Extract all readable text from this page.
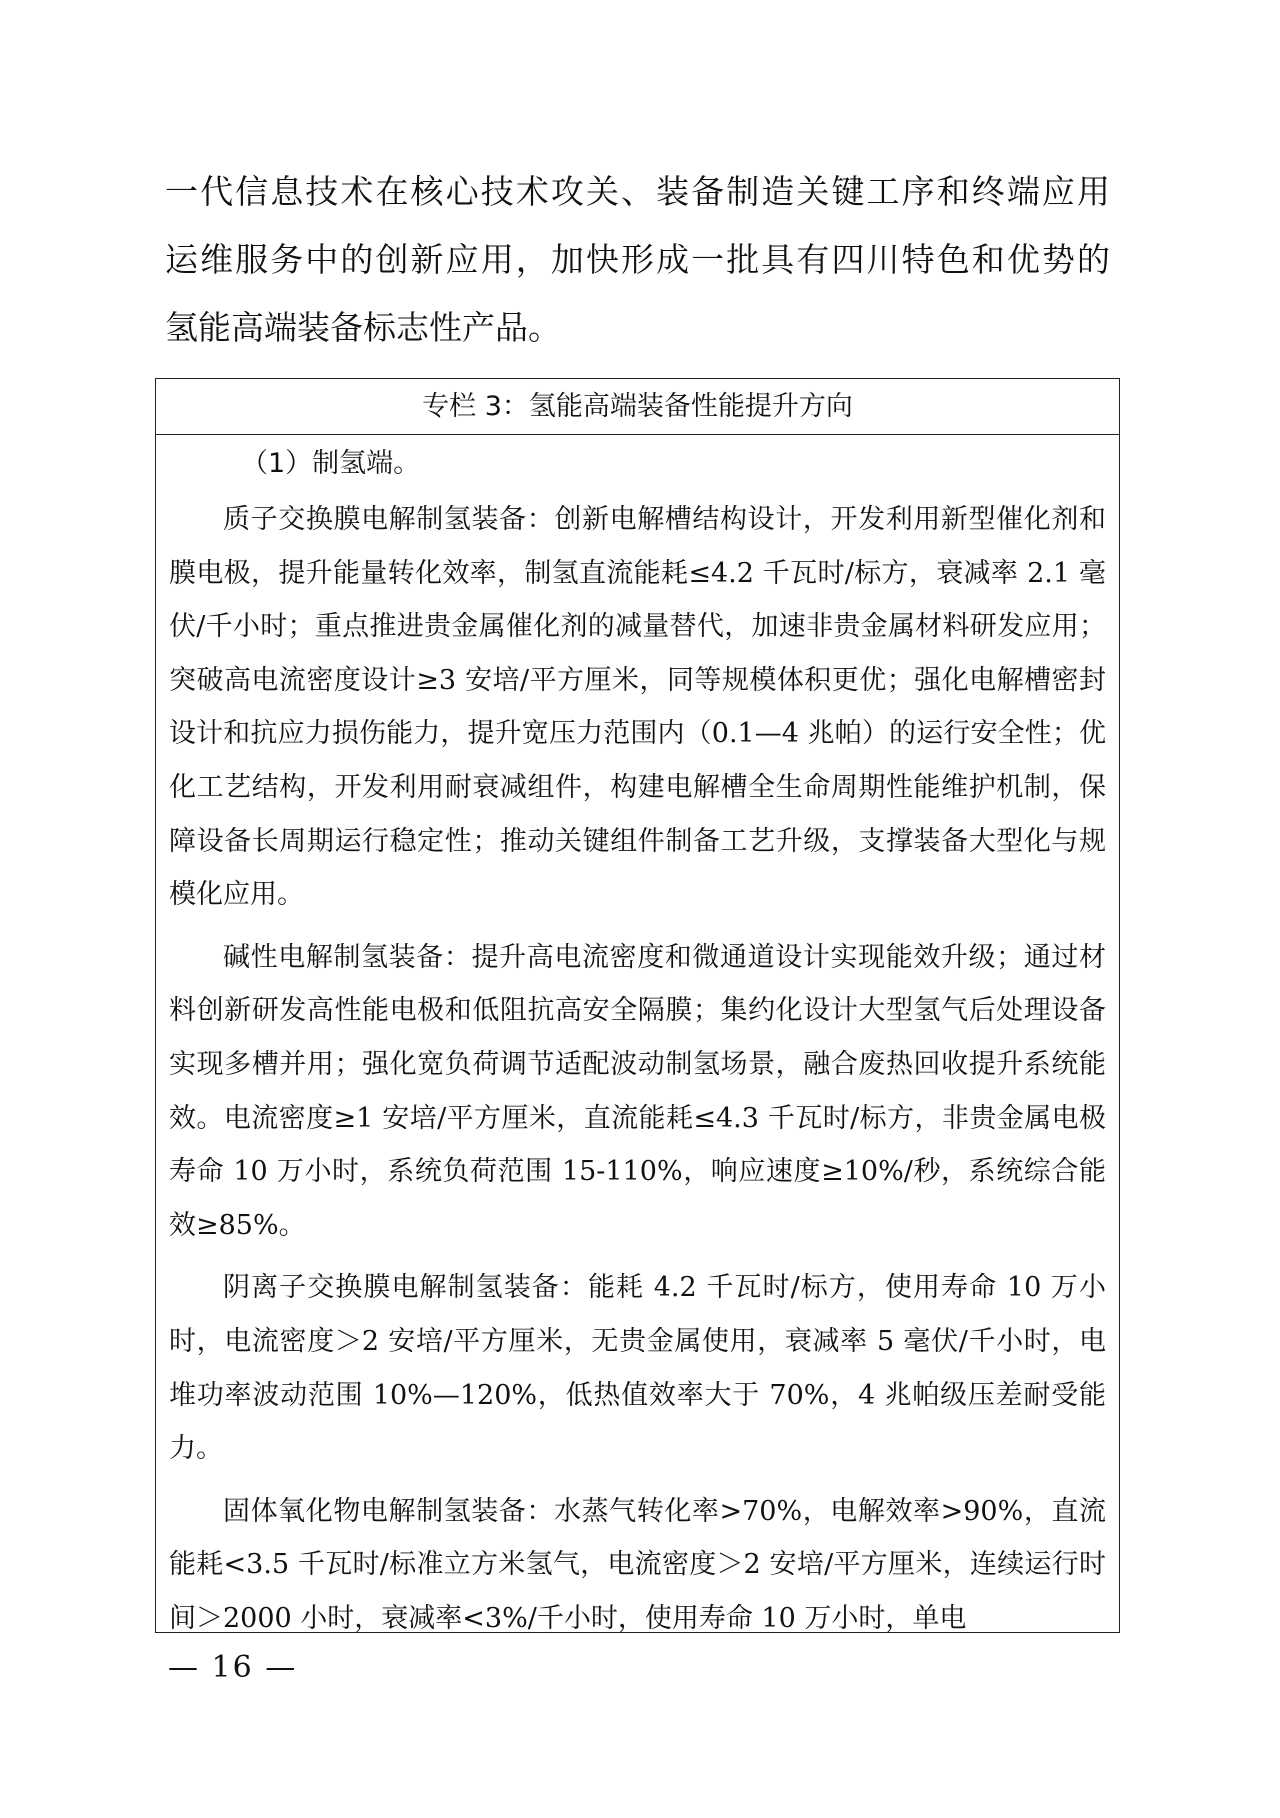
一代信息技术在核心技术攻关、装备制造关键工序和终端应用
运维服务中的创新应用，加快形成一批具有四川特色和优势的
氢能高端装备标志性产品。
专栏 3：氢能高端装备性能提升方向
（1）制氢端。

质子交换膜电解制氢装备：创新电解槽结构设计，开发利用新型催化剂和膜电极，提升能量转化效率，制氢直流能耗≤4.2 千瓦时/标方，衰减率 2.1 毫伏/千小时；重点推进贵金属催化剂的减量替代，加速非贵金属材料研发应用；突破高电流密度设计≥3 安培/平方厘米，同等规模体积更优；强化电解槽密封设计和抗应力损伤能力，提升宽压力范围内（0.1—4 兆帕）的运行安全性；优化工艺结构，开发利用耐衰减组件，构建电解槽全生命周期性能维护机制，保障设备长周期运行稳定性；推动关键组件制备工艺升级，支撑装备大型化与规模化应用。

碱性电解制氢装备：提升高电流密度和微通道设计实现能效升级；通过材料创新研发高性能电极和低阻抗高安全隔膜；集约化设计大型氢气后处理设备实现多槽并用；强化宽负荷调节适配波动制氢场景，融合废热回收提升系统能效。电流密度≥1 安培/平方厘米，直流能耗≤4.3 千瓦时/标方，非贵金属电极寿命 10 万小时，系统负荷范围 15-110%，响应速度≥10%/秒，系统综合能效≥85%。

阴离子交换膜电解制氢装备：能耗 4.2 千瓦时/标方，使用寿命 10 万小时，电流密度＞2 安培/平方厘米，无贵金属使用，衰减率 5 毫伏/千小时，电堆功率波动范围 10%—120%，低热值效率大于 70%，4 兆帕级压差耐受能力。

固体氧化物电解制氢装备：水蒸气转化率>70%，电解效率>90%，直流能耗<3.5 千瓦时/标准立方米氢气，电流密度＞2 安培/平方厘米，连续运行时间＞2000 小时，衰减率<3%/千小时，使用寿命 10 万小时，单电

— 16 —
